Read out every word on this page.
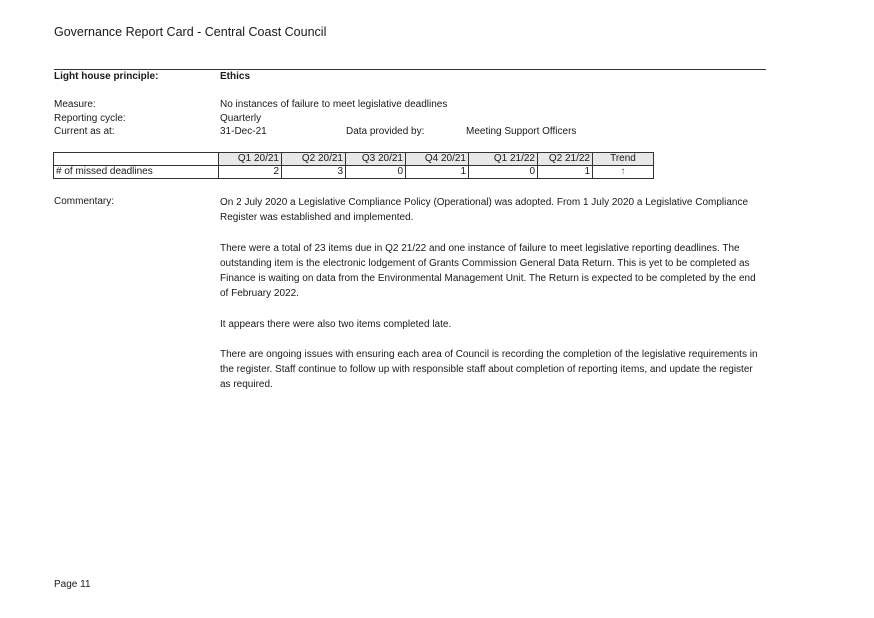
Governance Report Card - Central Coast Council
Light house principle:	Ethics
Measure:	No instances of failure to meet legislative deadlines
Reporting cycle:	Quarterly
Current as at:	31-Dec-21	Data provided by:	Meeting Support Officers
	Q1 20/21	Q2 20/21	Q3 20/21	Q4 20/21	Q1 21/22	Q2 21/22	Trend
# of missed deadlines	2	3	0	1	0	1	↑
Commentary:	On 2 July 2020 a Legislative Compliance Policy (Operational) was adopted. From 1 July 2020 a Legislative Compliance Register was established and implemented.

There were a total of 23 items due in Q2 21/22 and one instance of failure to meet legislative reporting deadlines. The outstanding item is the electronic lodgement of Grants Commission General Data Return. This is yet to be completed as Finance is waiting on data from the Environmental Management Unit. The Return is expected to be completed by the end of February 2022.

It appears there were also two items completed late.

There are ongoing issues with ensuring each area of Council is recording the completion of the legislative requirements in the register. Staff continue to follow up with responsible staff about completion of reporting items, and update the register as required.

Page 11
